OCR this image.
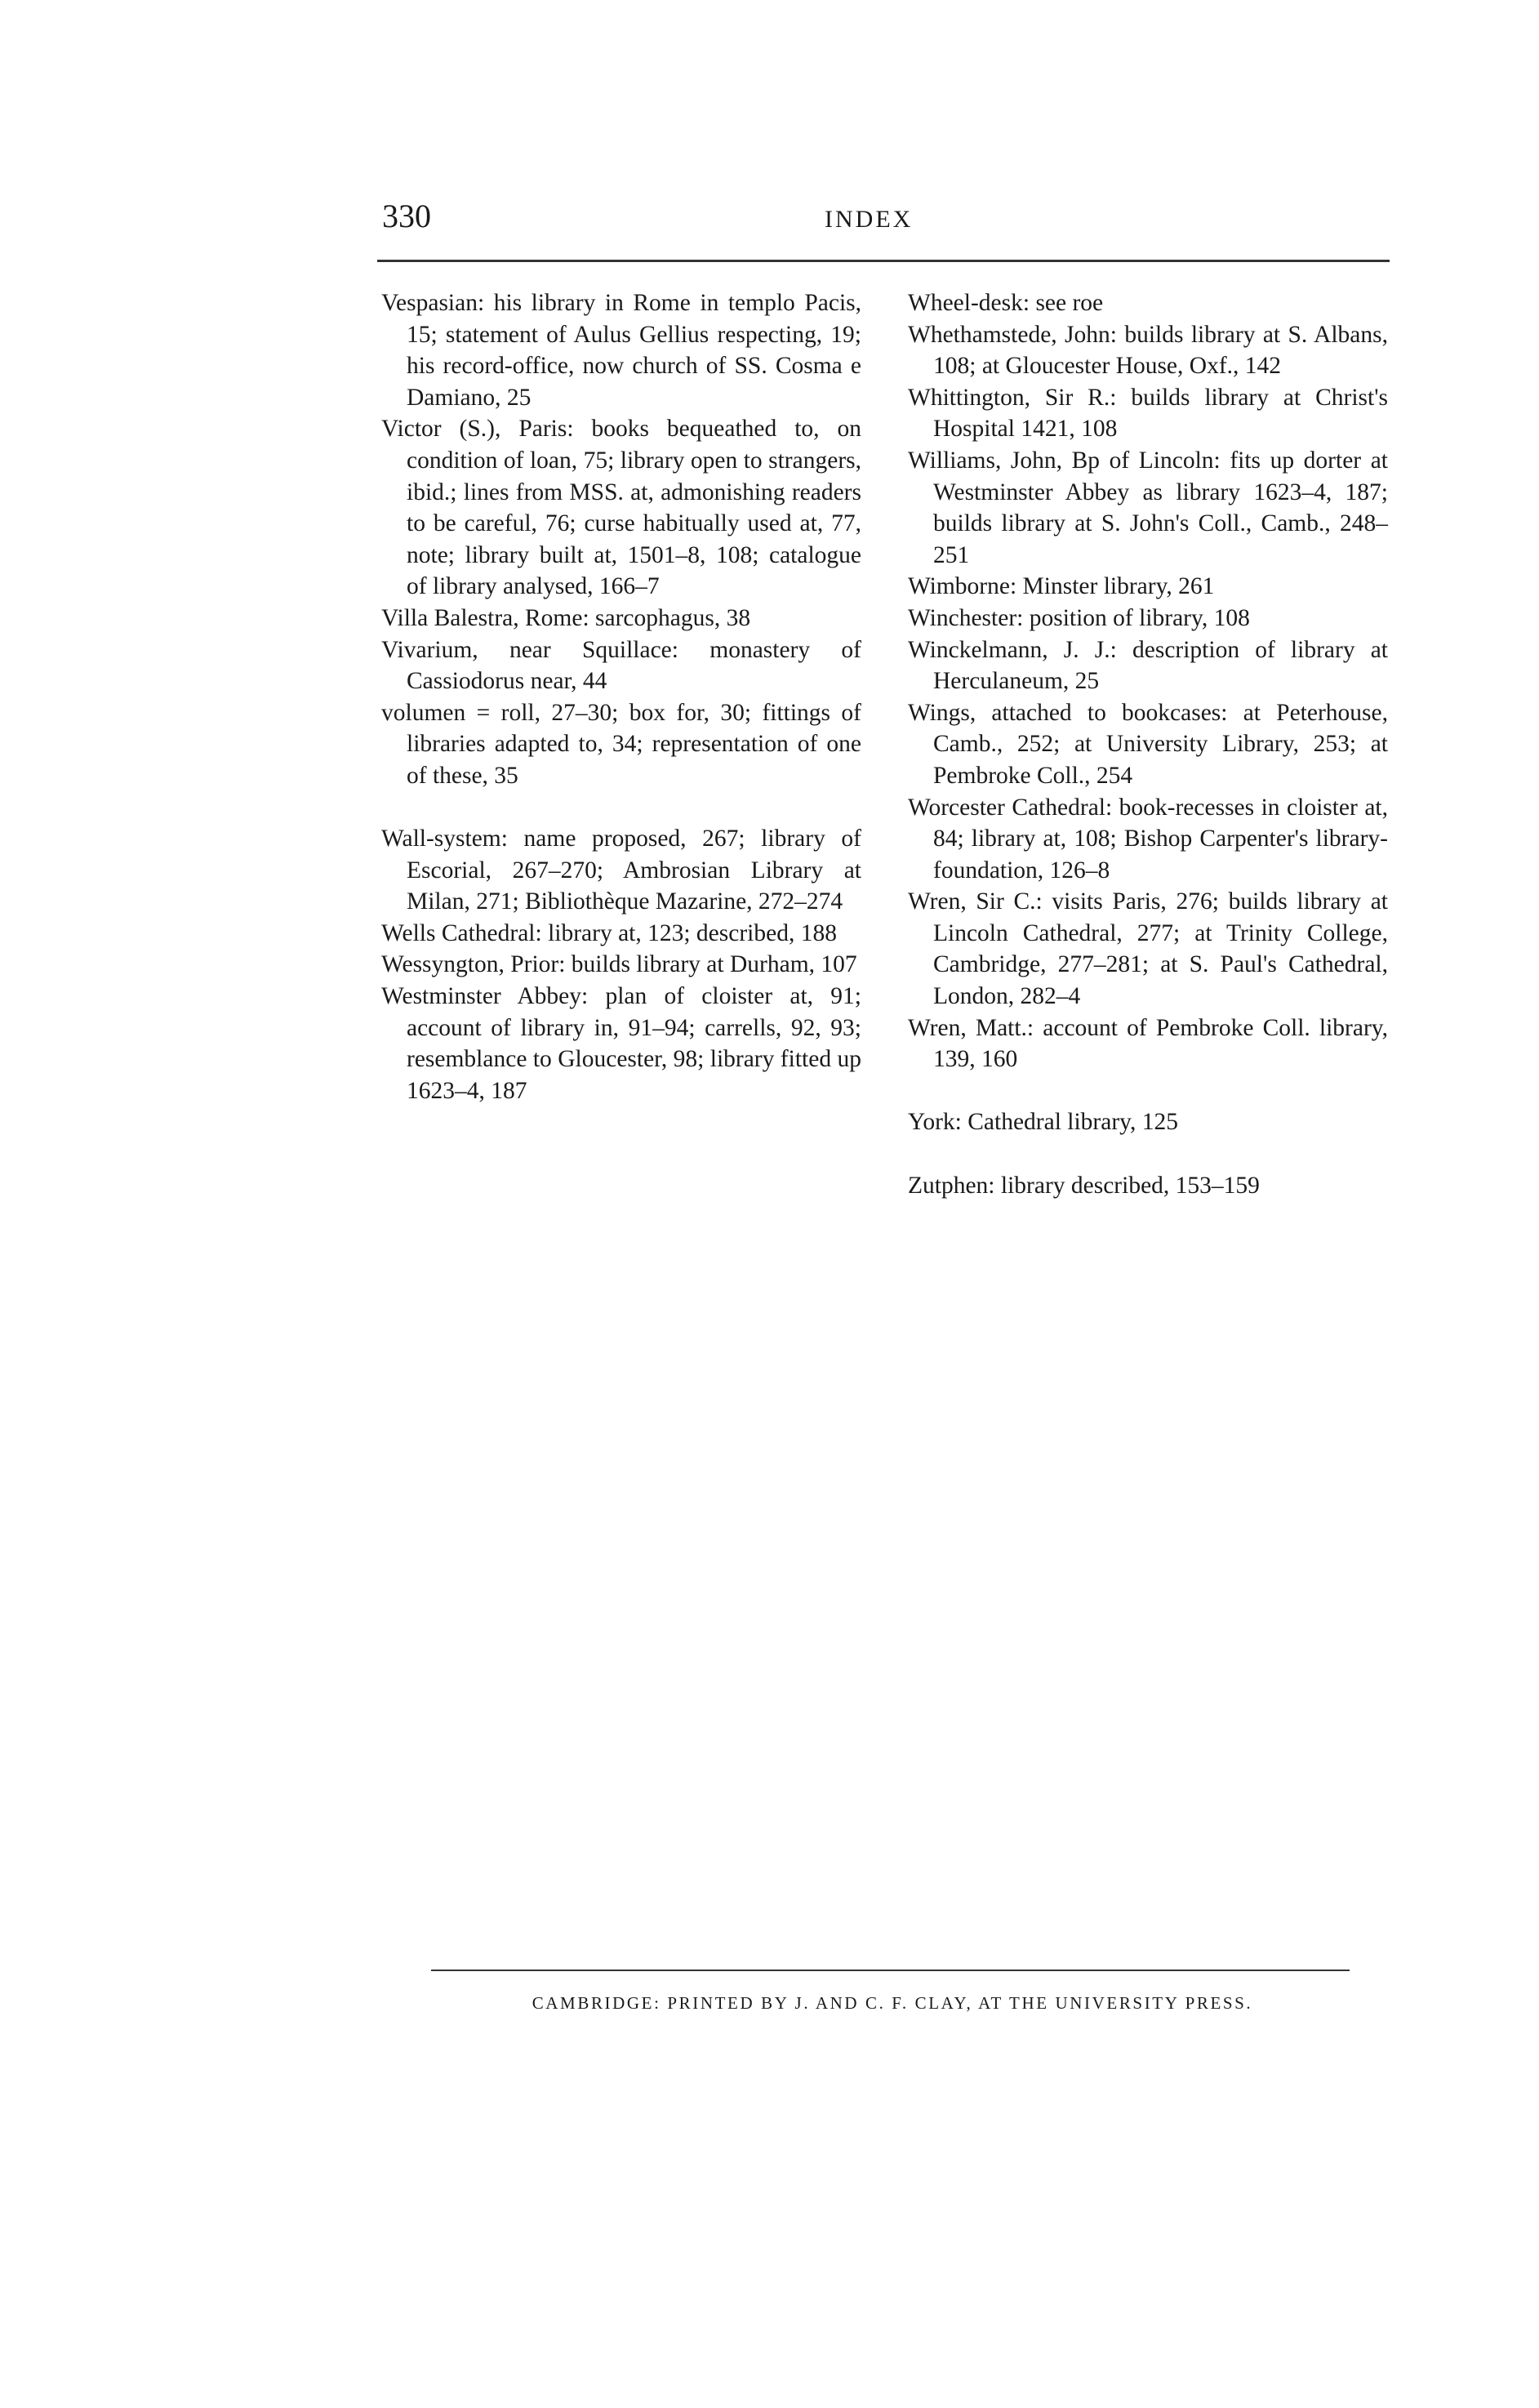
330	INDEX

Vespasian: his library in Rome in templo Pacis, 15; statement of Aulus Gellius respecting, 19; his record-office, now church of SS. Cosma e Damiano, 25

Victor (S.), Paris: books bequeathed to, on condition of loan, 75; library open to strangers, ibid.; lines from MSS. at, admonishing readers to be careful, 76; curse habitually used at, 77, note; library built at, 1501–8, 108; catalogue of library analysed, 166–7

Villa Balestra, Rome: sarcophagus, 38

Vivarium, near Squillace: monastery of Cassiodorus near, 44

volumen = roll, 27–30; box for, 30; fittings of libraries adapted to, 34; representation of one of these, 35

Wall-system: name proposed, 267; library of Escorial, 267–270; Ambrosian Library at Milan, 271; Bibliothèque Mazarine, 272–274

Wells Cathedral: library at, 123; described, 188

Wessyngton, Prior: builds library at Durham, 107

Westminster Abbey: plan of cloister at, 91; account of library in, 91–94; carrells, 92, 93; resemblance to Gloucester, 98; library fitted up 1623–4, 187

Wheel-desk: see roe

Whethamstede, John: builds library at S. Albans, 108; at Gloucester House, Oxf., 142

Whittington, Sir R.: builds library at Christ's Hospital 1421, 108

Williams, John, Bp of Lincoln: fits up dorter at Westminster Abbey as library 1623–4, 187; builds library at S. John's Coll., Camb., 248–251

Wimborne: Minster library, 261

Winchester: position of library, 108

Winckelmann, J. J.: description of library at Herculaneum, 25

Wings, attached to bookcases: at Peterhouse, Camb., 252; at University Library, 253; at Pembroke Coll., 254

Worcester Cathedral: book-recesses in cloister at, 84; library at, 108; Bishop Carpenter's library-foundation, 126–8

Wren, Sir C.: visits Paris, 276; builds library at Lincoln Cathedral, 277; at Trinity College, Cambridge, 277–281; at S. Paul's Cathedral, London, 282–4

Wren, Matt.: account of Pembroke Coll. library, 139, 160

York: Cathedral library, 125

Zutphen: library described, 153–159

CAMBRIDGE: PRINTED BY J. AND C. F. CLAY, AT THE UNIVERSITY PRESS.
